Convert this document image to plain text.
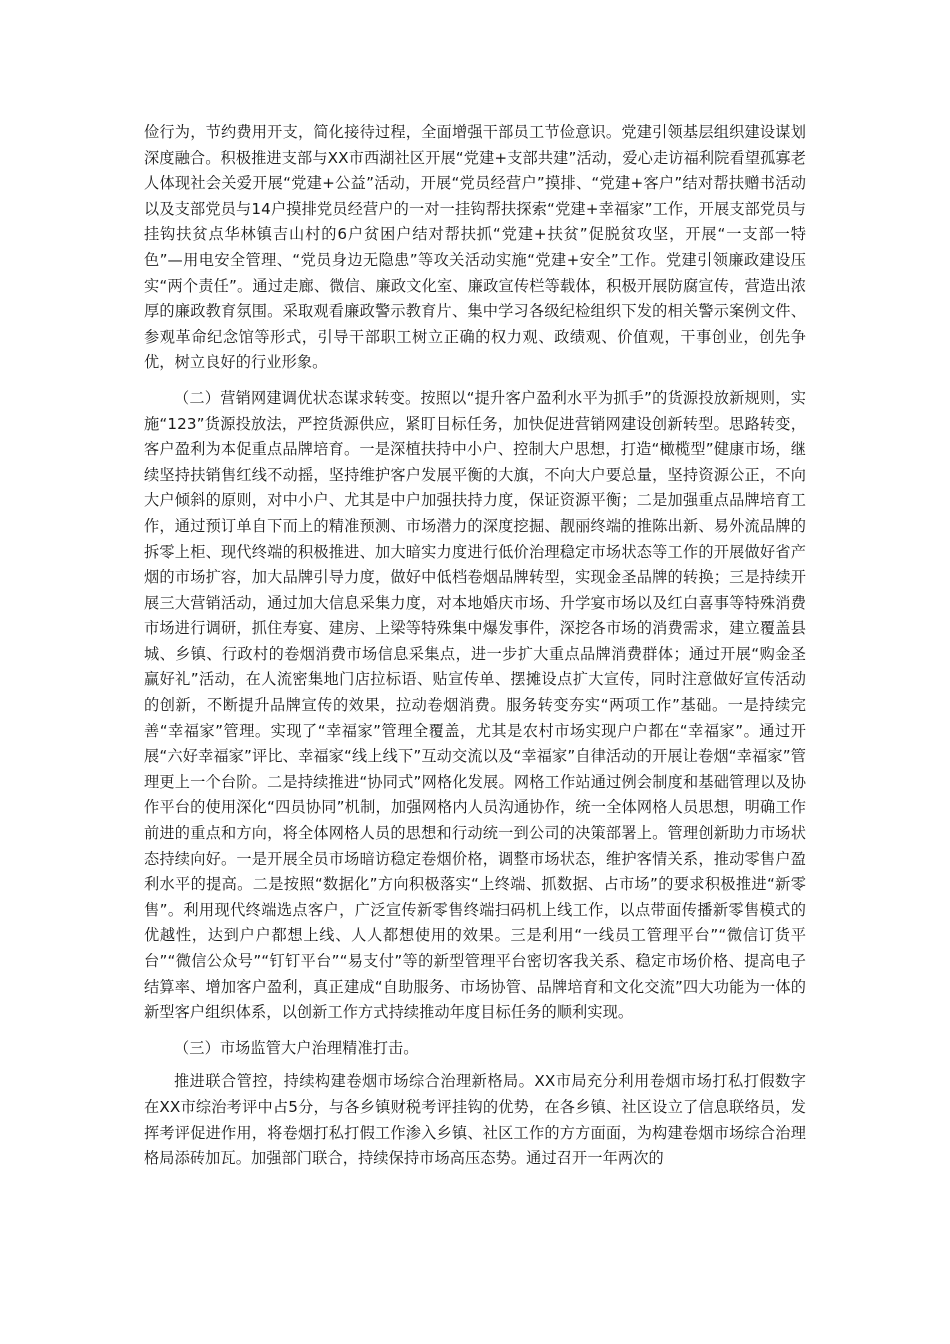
俭行为，节约费用开支，简化接待过程，全面增强干部员工节俭意识。党建引领基层组织建设谋划深度融合。积极推进支部与XX市西湖社区开展“党建+支部共建”活动，爱心走访福利院看望孤寡老人体现社会关爱开展“党建+公益”活动，开展“党员经营户”摸排、“党建+客户”结对帮扶赠书活动以及支部党员与14户摸排党员经营户的一对一挂钩帮扶探索“党建+幸福家”工作，开展支部党员与挂钩扶贫点华林镇吉山村的6户贫困户结对帮扶抓“党建+扶贫”促脱贫攻坚，开展“一支部一特色”—用电安全管理、“党员身边无隐患”等攻关活动实施“党建+安全”工作。党建引领廉政建设压实“两个责任”。通过走廊、微信、廉政文化室、廉政宣传栏等载体，积极开展防腐宣传，营造出浓厚的廉政教育氛围。采取观看廉政警示教育片、集中学习各级纪检组织下发的相关警示案例文件、参观革命纪念馆等形式，引导干部职工树立正确的权力观、政绩观、价值观，干事创业，创先争优，树立良好的行业形象。

（二）营销网建调优状态谋求转变。按照以“提升客户盈利水平为抓手”的货源投放新规则，实施“123”货源投放法，严控货源供应，紧盯目标任务，加快促进营销网建设创新转型。思路转变，客户盈利为本促重点品牌培育。一是深植扶持中小户、控制大户思想，打造“橄榄型”健康市场，继续坚持扶销售红线不动摇，坚持维护客户发展平衡的大旗，不向大户要总量，坚持资源公正，不向大户倾斜的原则，对中小户、尤其是中户加强扶持力度，保证资源平衡；二是加强重点品牌培育工作，通过预订单自下而上的精准预测、市场潜力的深度挖掘、靓丽终端的推陈出新、易外流品牌的拆零上柜、现代终端的积极推进、加大暗实力度进行低价治理稳定市场状态等工作的开展做好省产烟的市场扩容，加大品牌引导力度，做好中低档卷烟品牌转型，实现金圣品牌的转换；三是持续开展三大营销活动，通过加大信息采集力度，对本地婚庆市场、升学宴市场以及红白喜事等特殊消费市场进行调研，抓住寿宴、建房、上梁等特殊集中爆发事件，深挖各市场的消费需求，建立覆盖县城、乡镇、行政村的卷烟消费市场信息采集点，进一步扩大重点品牌消费群体；通过开展“购金圣 赢好礼”活动，在人流密集地门店拉标语、贴宣传单、摆摊设点扩大宣传，同时注意做好宣传活动的创新，不断提升品牌宣传的效果，拉动卷烟消费。服务转变夯实“两项工作”基础。一是持续完善“幸福家”管理。实现了“幸福家”管理全覆盖，尤其是农村市场实现户户都在“幸福家”。通过开展“六好幸福家”评比、幸福家“线上线下”互动交流以及“幸福家”自律活动的开展让卷烟“幸福家”管理更上一个台阶。二是持续推进“协同式”网格化发展。网格工作站通过例会制度和基础管理以及协作平台的使用深化“四员协同”机制，加强网格内人员沟通协作，统一全体网格人员思想，明确工作前进的重点和方向，将全体网格人员的思想和行动统一到公司的决策部署上。管理创新助力市场状态持续向好。一是开展全员市场暗访稳定卷烟价格，调整市场状态，维护客情关系，推动零售户盈利水平的提高。二是按照“数据化”方向积极落实“上终端、抓数据、占市场”的要求积极推进“新零售”。利用现代终端选点客户，广泛宣传新零售终端扫码机上线工作，以点带面传播新零售模式的优越性，达到户户都想上线、人人都想使用的效果。三是利用“一线员工管理平台”“微信订货平台”“微信公众号”“钉钉平台”“易支付”等的新型管理平台密切客我关系、稳定市场价格、提高电子结算率、增加客户盈利，真正建成“自助服务、市场协管、品牌培育和文化交流”四大功能为一体的新型客户组织体系，以创新工作方式持续推动年度目标任务的顺利实现。

（三）市场监管大户治理精准打击。

推进联合管控，持续构建卷烟市场综合治理新格局。XX市局充分利用卷烟市场打私打假数字在XX市综治考评中占5分，与各乡镇财税考评挂钩的优势，在各乡镇、社区设立了信息联络员，发挥考评促进作用，将卷烟打私打假工作渗入乡镇、社区工作的方方面面，为构建卷烟市场综合治理格局添砖加瓦。加强部门联合，持续保持市场高压态势。通过召开一年两次的
